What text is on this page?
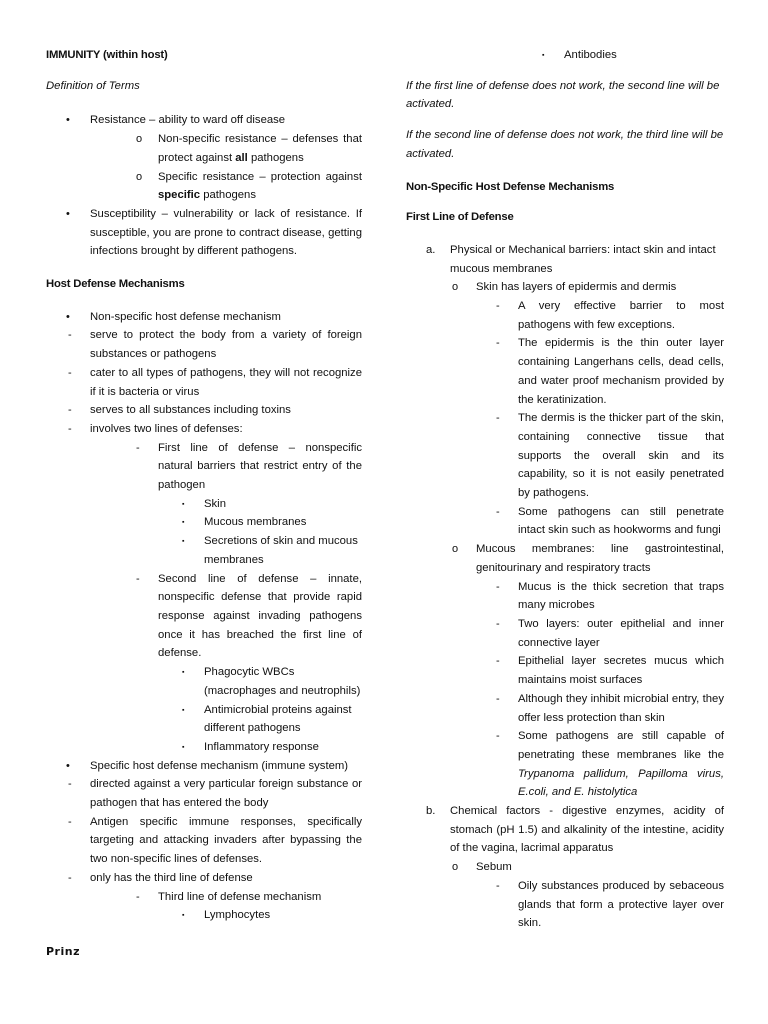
IMMUNITY (within host)

Definition of Terms

• Resistance – ability to ward off disease

o Non-specific resistance – defenses that protect against all pathogens

o Specific resistance – protection against specific pathogens

• Susceptibility – vulnerability or lack of resistance. If susceptible, you are prone to contract disease, getting infections brought by different pathogens.

Host Defense Mechanisms

• Non-specific host defense mechanism

- serve to protect the body from a variety of foreign substances or pathogens

- cater to all types of pathogens, they will not recognize if it is bacteria or virus

- serves to all substances including toxins

- involves two lines of defenses:

- First line of defense – nonspecific natural barriers that restrict entry of the pathogen

▪ Skin

▪ Mucous membranes

▪ Secretions of skin and mucous membranes

- Second line of defense – innate, nonspecific defense that provide rapid response against invading pathogens once it has breached the first line of defense.

▪ Phagocytic WBCs (macrophages and neutrophils)

▪ Antimicrobial proteins against different pathogens

▪ Inflammatory response

• Specific host defense mechanism (immune system)

- directed against a very particular foreign substance or pathogen that has entered the body

- Antigen specific immune responses, specifically targeting and attacking invaders after bypassing the two non-specific lines of defenses.

- only has the third line of defense

- Third line of defense mechanism

▪ Lymphocytes

▪ Antibodies

If the first line of defense does not work, the second line will be activated.

If the second line of defense does not work, the third line will be activated.

Non-Specific Host Defense Mechanisms

First Line of Defense

a. Physical or Mechanical barriers: intact skin and intact mucous membranes

o Skin has layers of epidermis and dermis

- A very effective barrier to most pathogens with few exceptions.

- The epidermis is the thin outer layer containing Langerhans cells, dead cells, and water proof mechanism provided by the keratinization.

- The dermis is the thicker part of the skin, containing connective tissue that supports the overall skin and its capability, so it is not easily penetrated by pathogens.

- Some pathogens can still penetrate intact skin such as hookworms and fungi

o Mucous membranes: line gastrointestinal, genitourinary and respiratory tracts

- Mucus is the thick secretion that traps many microbes

- Two layers: outer epithelial and inner connective layer

- Epithelial layer secretes mucus which maintains moist surfaces

- Although they inhibit microbial entry, they offer less protection than skin

- Some pathogens are still capable of penetrating these membranes like the Trypanoma pallidum, Papilloma virus, E.coli, and E. histolytica

b. Chemical factors - digestive enzymes, acidity of stomach (pH 1.5) and alkalinity of the intestine, acidity of the vagina, lacrimal apparatus

o Sebum

- Oily substances produced by sebaceous glands that form a protective layer over skin.

Prinz
